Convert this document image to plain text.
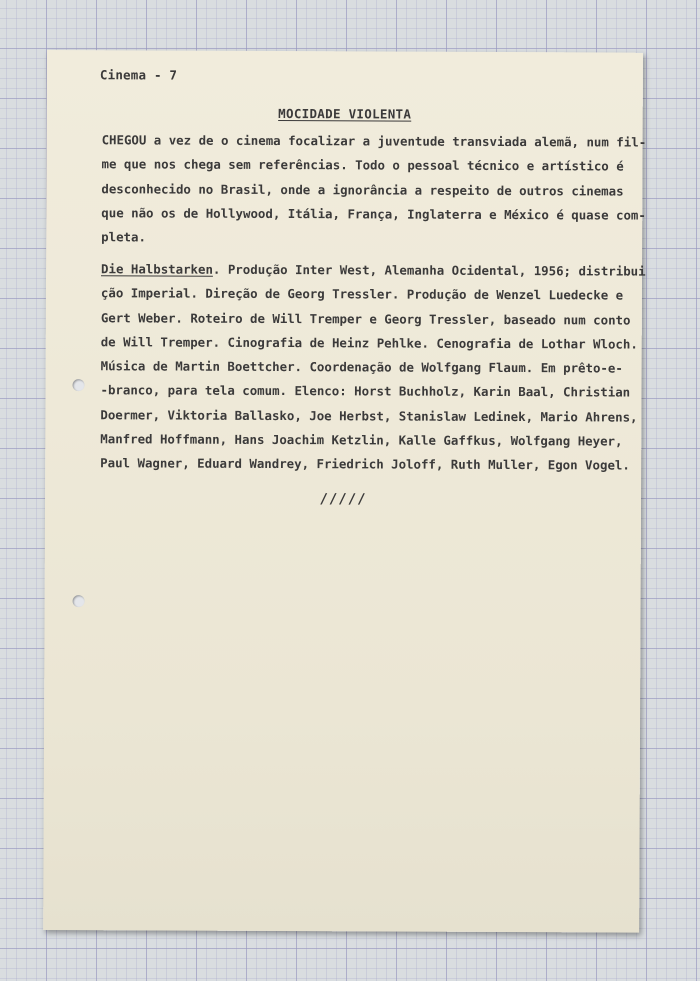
Cinema - 7
MOCIDADE VIOLENTA
CHEGOU a vez de o cinema focalizar a juventude transviada alemã, num fil-
me que nos chega sem referências. Todo o pessoal técnico e artístico é
desconhecido no Brasil, onde a ignorância a respeito de outros cinemas
que não os de Hollywood, Itália, França, Inglaterra e México é quase com-
pleta.
Die Halbstarken. Produção Inter West, Alemanha Ocidental, 1956; distribui
ção Imperial. Direção de Georg Tressler. Produção de Wenzel Luedecke e
Gert Weber. Roteiro de Will Tremper e Georg Tressler, baseado num conto
de Will Tremper. Cinografia de Heinz Pehlke. Cenografia de Lothar Wloch.
Música de Martin Boettcher. Coordenação de Wolfgang Flaum. Em prêto-e-
-branco, para tela comum. Elenco: Horst Buchholz, Karin Baal, Christian
Doermer, Viktoria Ballasko, Joe Herbst, Stanislaw Ledinek, Mario Ahrens,
Manfred Hoffmann, Hans Joachim Ketzlin, Kalle Gaffkus, Wolfgang Heyer,
Paul Wagner, Eduard Wandrey, Friedrich Joloff, Ruth Muller, Egon Vogel.
/////
